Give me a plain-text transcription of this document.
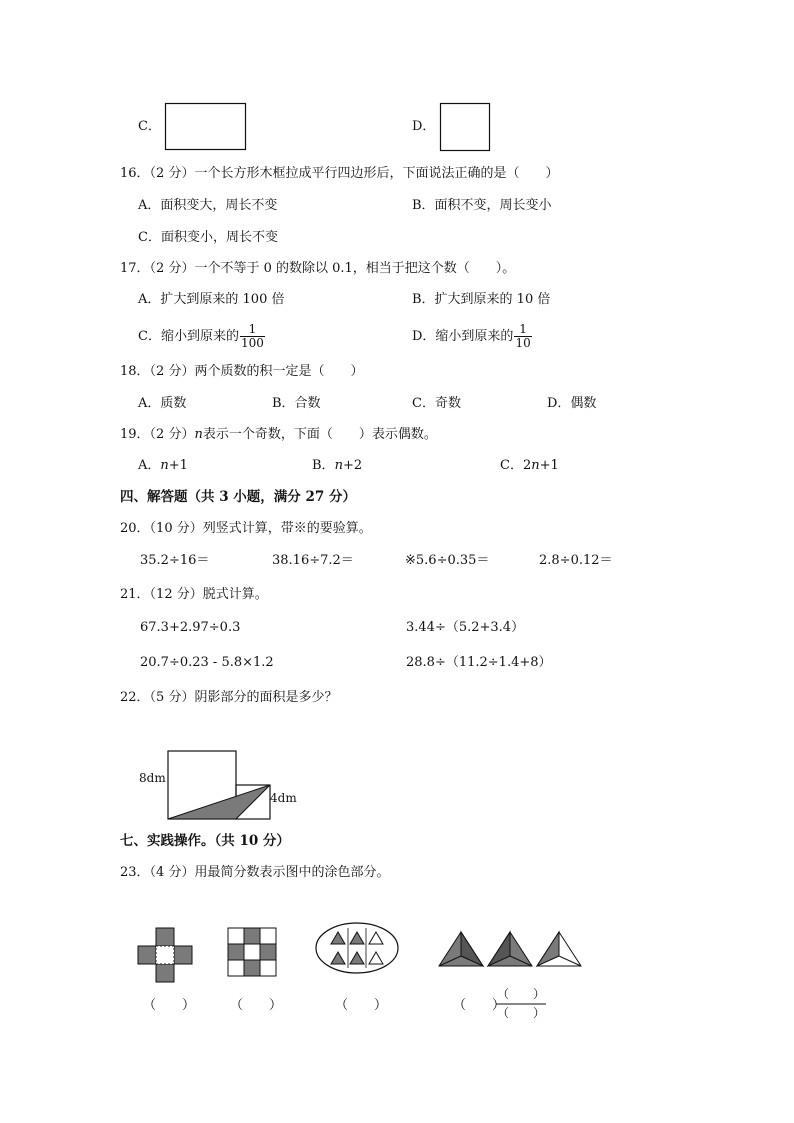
C．	D．
16．（2 分）一个长方形木框拉成平行四边形后，下面说法正确的是（　　）
A．面积变大，周长不变	B．面积不变，周长变小
C．面积变小，周长不变
17．（2 分）一个不等于 0 的数除以 0.1，相当于把这个数（　　）。
A．扩大到原来的 100 倍	B．扩大到原来的 10 倍
C．缩小到原来的 $\frac{1}{100}$	D．缩小到原来的 $\frac{1}{10}$
18．（2 分）两个质数的积一定是（　　）
A．质数	B．合数	C．奇数	D．偶数
19．（2 分）n表示一个奇数，下面（　　）表示偶数。
A．n+1	B．n+2	C．2n+1
四、解答题（共 3 小题，满分 27 分）
20．（10 分）列竖式计算，带※的要验算。
35.2÷16＝	38.16÷7.2＝	※5.6÷0.35＝	2.8÷0.12＝
21．（12 分）脱式计算。
67.3+2.97÷0.3	3.44÷（5.2+3.4）
20.7÷0.23 - 5.8×1.2	28.8÷（11.2÷1.4+8）
22．（5 分）阴影部分的面积是多少？
8dm
4dm
七、实践操作。（共 10 分）
23．（4 分）用最简分数表示图中的涂色部分。
（　　）	（　　）	（　　）	（　　）
（　　）
（　　）
